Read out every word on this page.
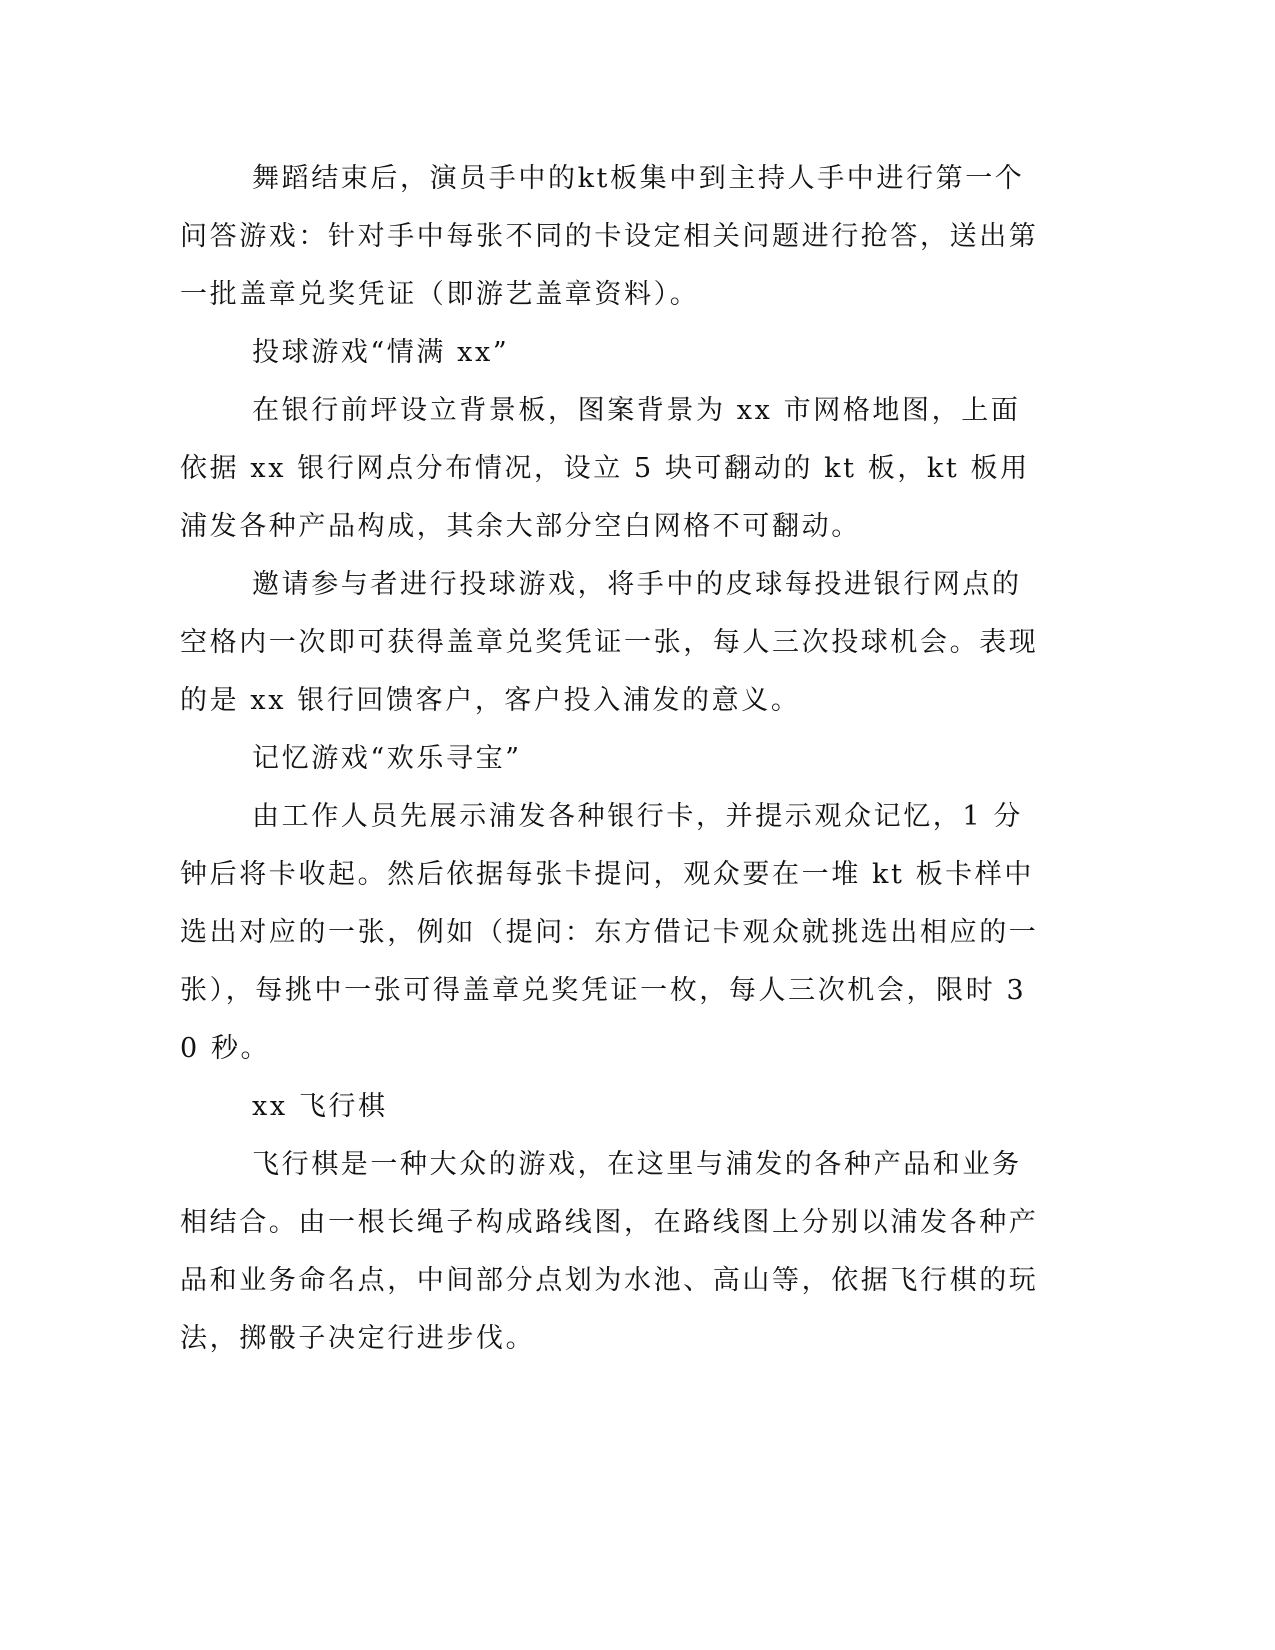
舞蹈结束后，演员手中的kt板集中到主持人手中进行第一个问答游戏：针对手中每张不同的卡设定相关问题进行抢答，送出第一批盖章兑奖凭证（即游艺盖章资料）。

投球游戏“情满 xx”

在银行前坪设立背景板，图案背景为 xx 市网格地图，上面依据 xx 银行网点分布情况，设立 5 块可翻动的 kt 板，kt 板用浦发各种产品构成，其余大部分空白网格不可翻动。

邀请参与者进行投球游戏，将手中的皮球每投进银行网点的空格内一次即可获得盖章兑奖凭证一张，每人三次投球机会。表现的是 xx 银行回馈客户，客户投入浦发的意义。

记忆游戏“欢乐寻宝”

由工作人员先展示浦发各种银行卡，并提示观众记忆，1 分钟后将卡收起。然后依据每张卡提问，观众要在一堆 kt 板卡样中选出对应的一张，例如（提问：东方借记卡观众就挑选出相应的一张），每挑中一张可得盖章兑奖凭证一枚，每人三次机会，限时 30 秒。

xx 飞行棋

飞行棋是一种大众的游戏，在这里与浦发的各种产品和业务相结合。由一根长绳子构成路线图，在路线图上分别以浦发各种产品和业务命名点，中间部分点划为水池、高山等，依据飞行棋的玩法，掷骰子决定行进步伐。
